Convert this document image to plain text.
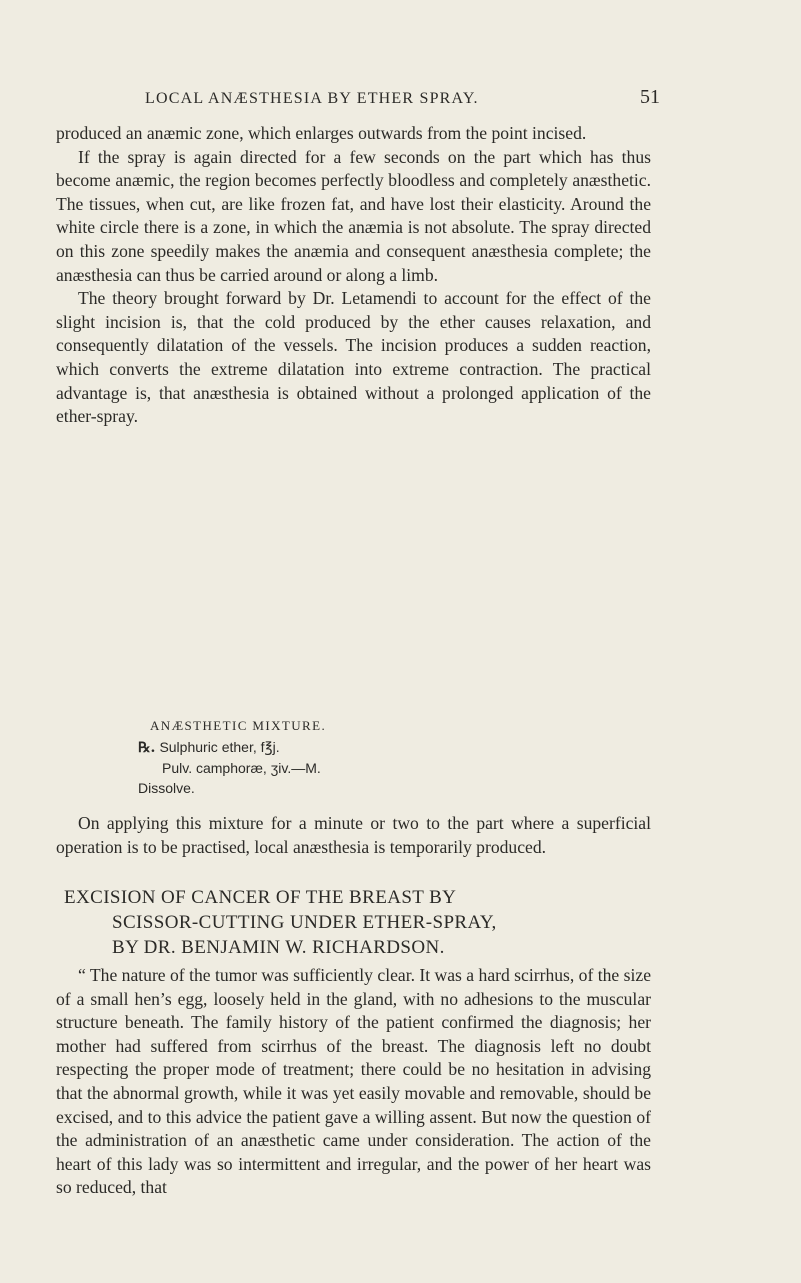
LOCAL ANÆSTHESIA BY ETHER SPRAY.	51

produced an anæmic zone, which enlarges outwards from the point incised.

If the spray is again directed for a few seconds on the part which has thus become anæmic, the region becomes perfectly bloodless and completely anæsthetic. The tissues, when cut, are like frozen fat, and have lost their elasticity. Around the white circle there is a zone, in which the anæmia is not absolute. The spray directed on this zone speedily makes the anæmia and consequent anæsthesia complete; the anæsthesia can thus be carried around or along a limb.

The theory brought forward by Dr. Letamendi to account for the effect of the slight incision is, that the cold produced by the ether causes relaxation, and consequently dilatation of the vessels. The incision produces a sudden reaction, which converts the extreme dilatation into extreme contraction. The practical advantage is, that anæsthesia is obtained without a prolonged application of the ether-spray.

ANÆSTHETIC MIXTURE.
℞. Sulphuric ether, f℥j.
Pulv. camphoræ, ʒiv.—M.
Dissolve.

On applying this mixture for a minute or two to the part where a superficial operation is to be practised, local anæsthesia is temporarily produced.

EXCISION OF CANCER OF THE BREAST BY
SCISSOR-CUTTING UNDER ETHER-SPRAY,
BY DR. BENJAMIN W. RICHARDSON.

“ The nature of the tumor was sufficiently clear. It was a hard scirrhus, of the size of a small hen’s egg, loosely held in the gland, with no adhesions to the muscular structure beneath. The family history of the patient confirmed the diagnosis; her mother had suffered from scirrhus of the breast. The diagnosis left no doubt respecting the proper mode of treatment; there could be no hesitation in advising that the abnormal growth, while it was yet easily movable and removable, should be excised, and to this advice the patient gave a willing assent. But now the question of the administration of an anæsthetic came under consideration. The action of the heart of this lady was so intermittent and irregular, and the power of her heart was so reduced, that
